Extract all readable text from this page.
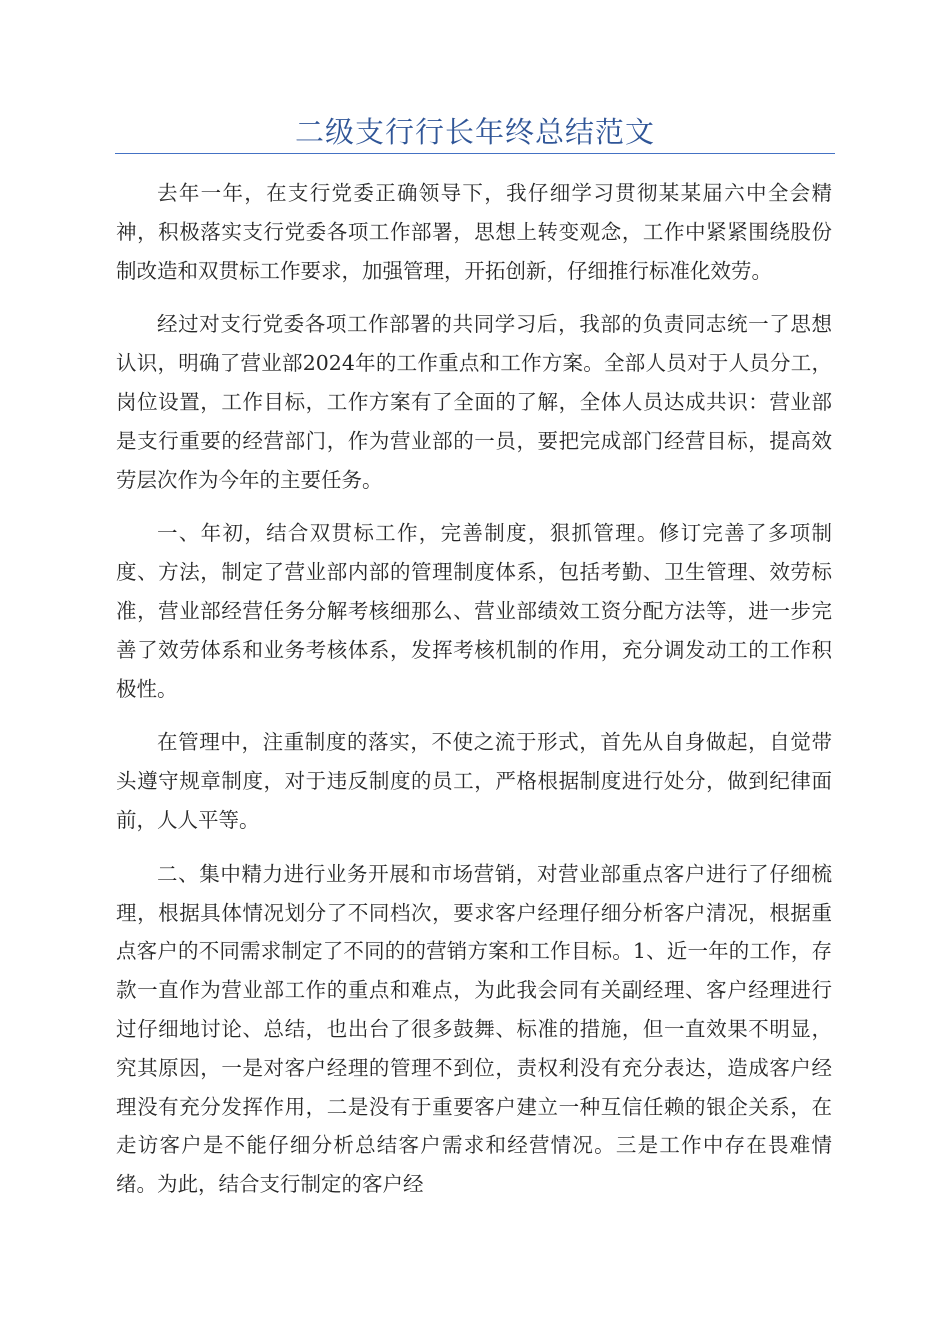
二级支行行长年终总结范文

去年一年，在支行党委正确领导下，我仔细学习贯彻某某届六中全会精神，积极落实支行党委各项工作部署，思想上转变观念，工作中紧紧围绕股份制改造和双贯标工作要求，加强管理，开拓创新，仔细推行标准化效劳。

经过对支行党委各项工作部署的共同学习后，我部的负责同志统一了思想认识，明确了营业部2024年的工作重点和工作方案。全部人员对于人员分工，岗位设置，工作目标，工作方案有了全面的了解，全体人员达成共识：营业部是支行重要的经营部门，作为营业部的一员，要把完成部门经营目标，提高效劳层次作为今年的主要任务。

一、年初，结合双贯标工作，完善制度，狠抓管理。修订完善了多项制度、方法，制定了营业部内部的管理制度体系，包括考勤、卫生管理、效劳标准，营业部经营任务分解考核细那么、营业部绩效工资分配方法等，进一步完善了效劳体系和业务考核体系，发挥考核机制的作用，充分调发动工的工作积极性。

在管理中，注重制度的落实，不使之流于形式，首先从自身做起，自觉带头遵守规章制度，对于违反制度的员工，严格根据制度进行处分，做到纪律面前，人人平等。

二、集中精力进行业务开展和市场营销，对营业部重点客户进行了仔细梳理，根据具体情况划分了不同档次，要求客户经理仔细分析客户清况，根据重点客户的不同需求制定了不同的的营销方案和工作目标。1、近一年的工作，存款一直作为营业部工作的重点和难点，为此我会同有关副经理、客户经理进行过仔细地讨论、总结，也出台了很多鼓舞、标准的措施，但一直效果不明显，究其原因，一是对客户经理的管理不到位，责权利没有充分表达，造成客户经理没有充分发挥作用，二是没有于重要客户建立一种互信任赖的银企关系，在走访客户是不能仔细分析总结客户需求和经营情况。三是工作中存在畏难情绪。为此，结合支行制定的客户经
